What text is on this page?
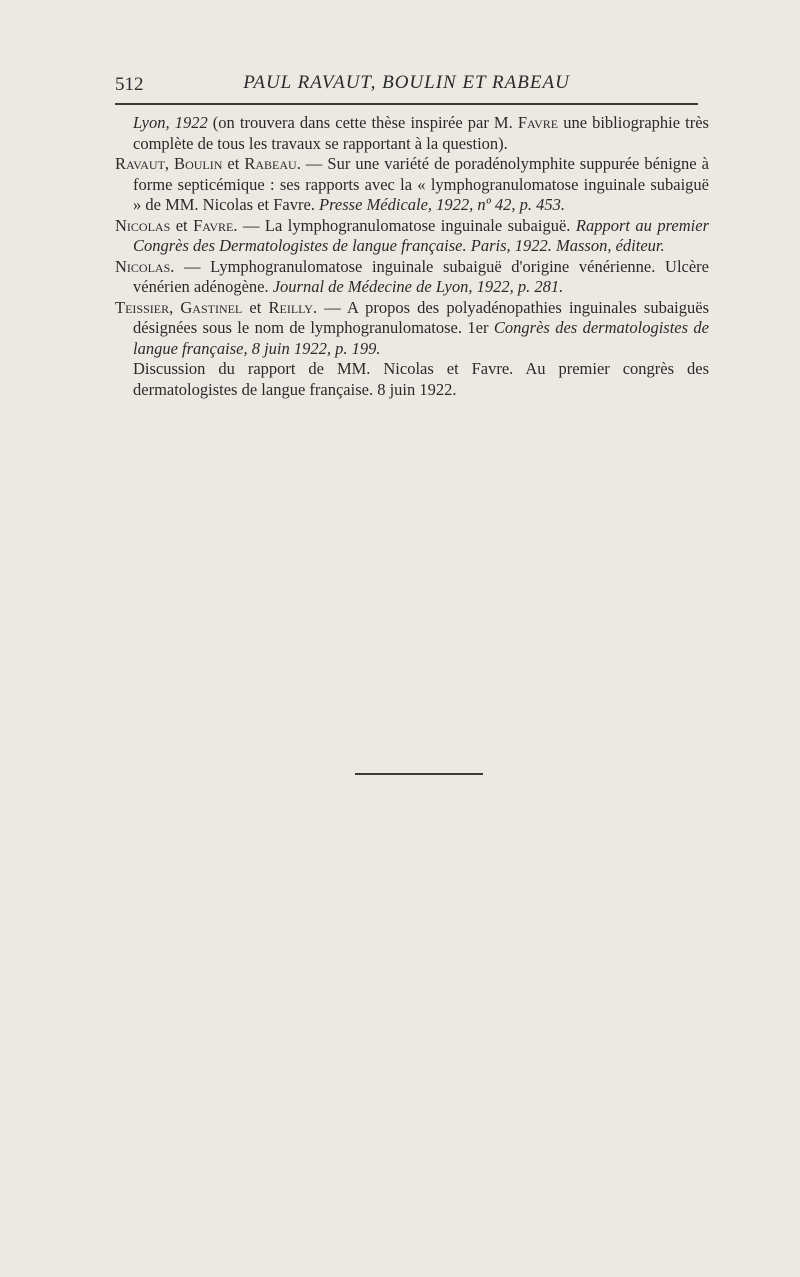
512	PAUL RAVAUT, BOULIN ET RABEAU

Lyon, 1922 (on trouvera dans cette thèse inspirée par M. Favre une bibliographie très complète de tous les travaux se rapportant à la question).

Ravaut, Boulin et Rabeau. — Sur une variété de poradénolymphite suppurée bénigne à forme septicémique : ses rapports avec la « lymphogranulomatose inguinale subaiguë » de MM. Nicolas et Favre. Presse Médicale, 1922, nº 42, p. 453.

Nicolas et Favre. — La lymphogranulomatose inguinale subaiguë. Rapport au premier Congrès des Dermatologistes de langue française. Paris, 1922. Masson, éditeur.

Nicolas. — Lymphogranulomatose inguinale subaiguë d'origine vénérienne. Ulcère vénérien adénogène. Journal de Médecine de Lyon, 1922, p. 281.

Teissier, Gastinel et Reilly. — A propos des polyadénopathies inguinales subaiguës désignées sous le nom de lymphogranulomatose. 1er Congrès des dermatologistes de langue française, 8 juin 1922, p. 199.

Discussion du rapport de MM. Nicolas et Favre. Au premier congrès des dermatologistes de langue française. 8 juin 1922.
